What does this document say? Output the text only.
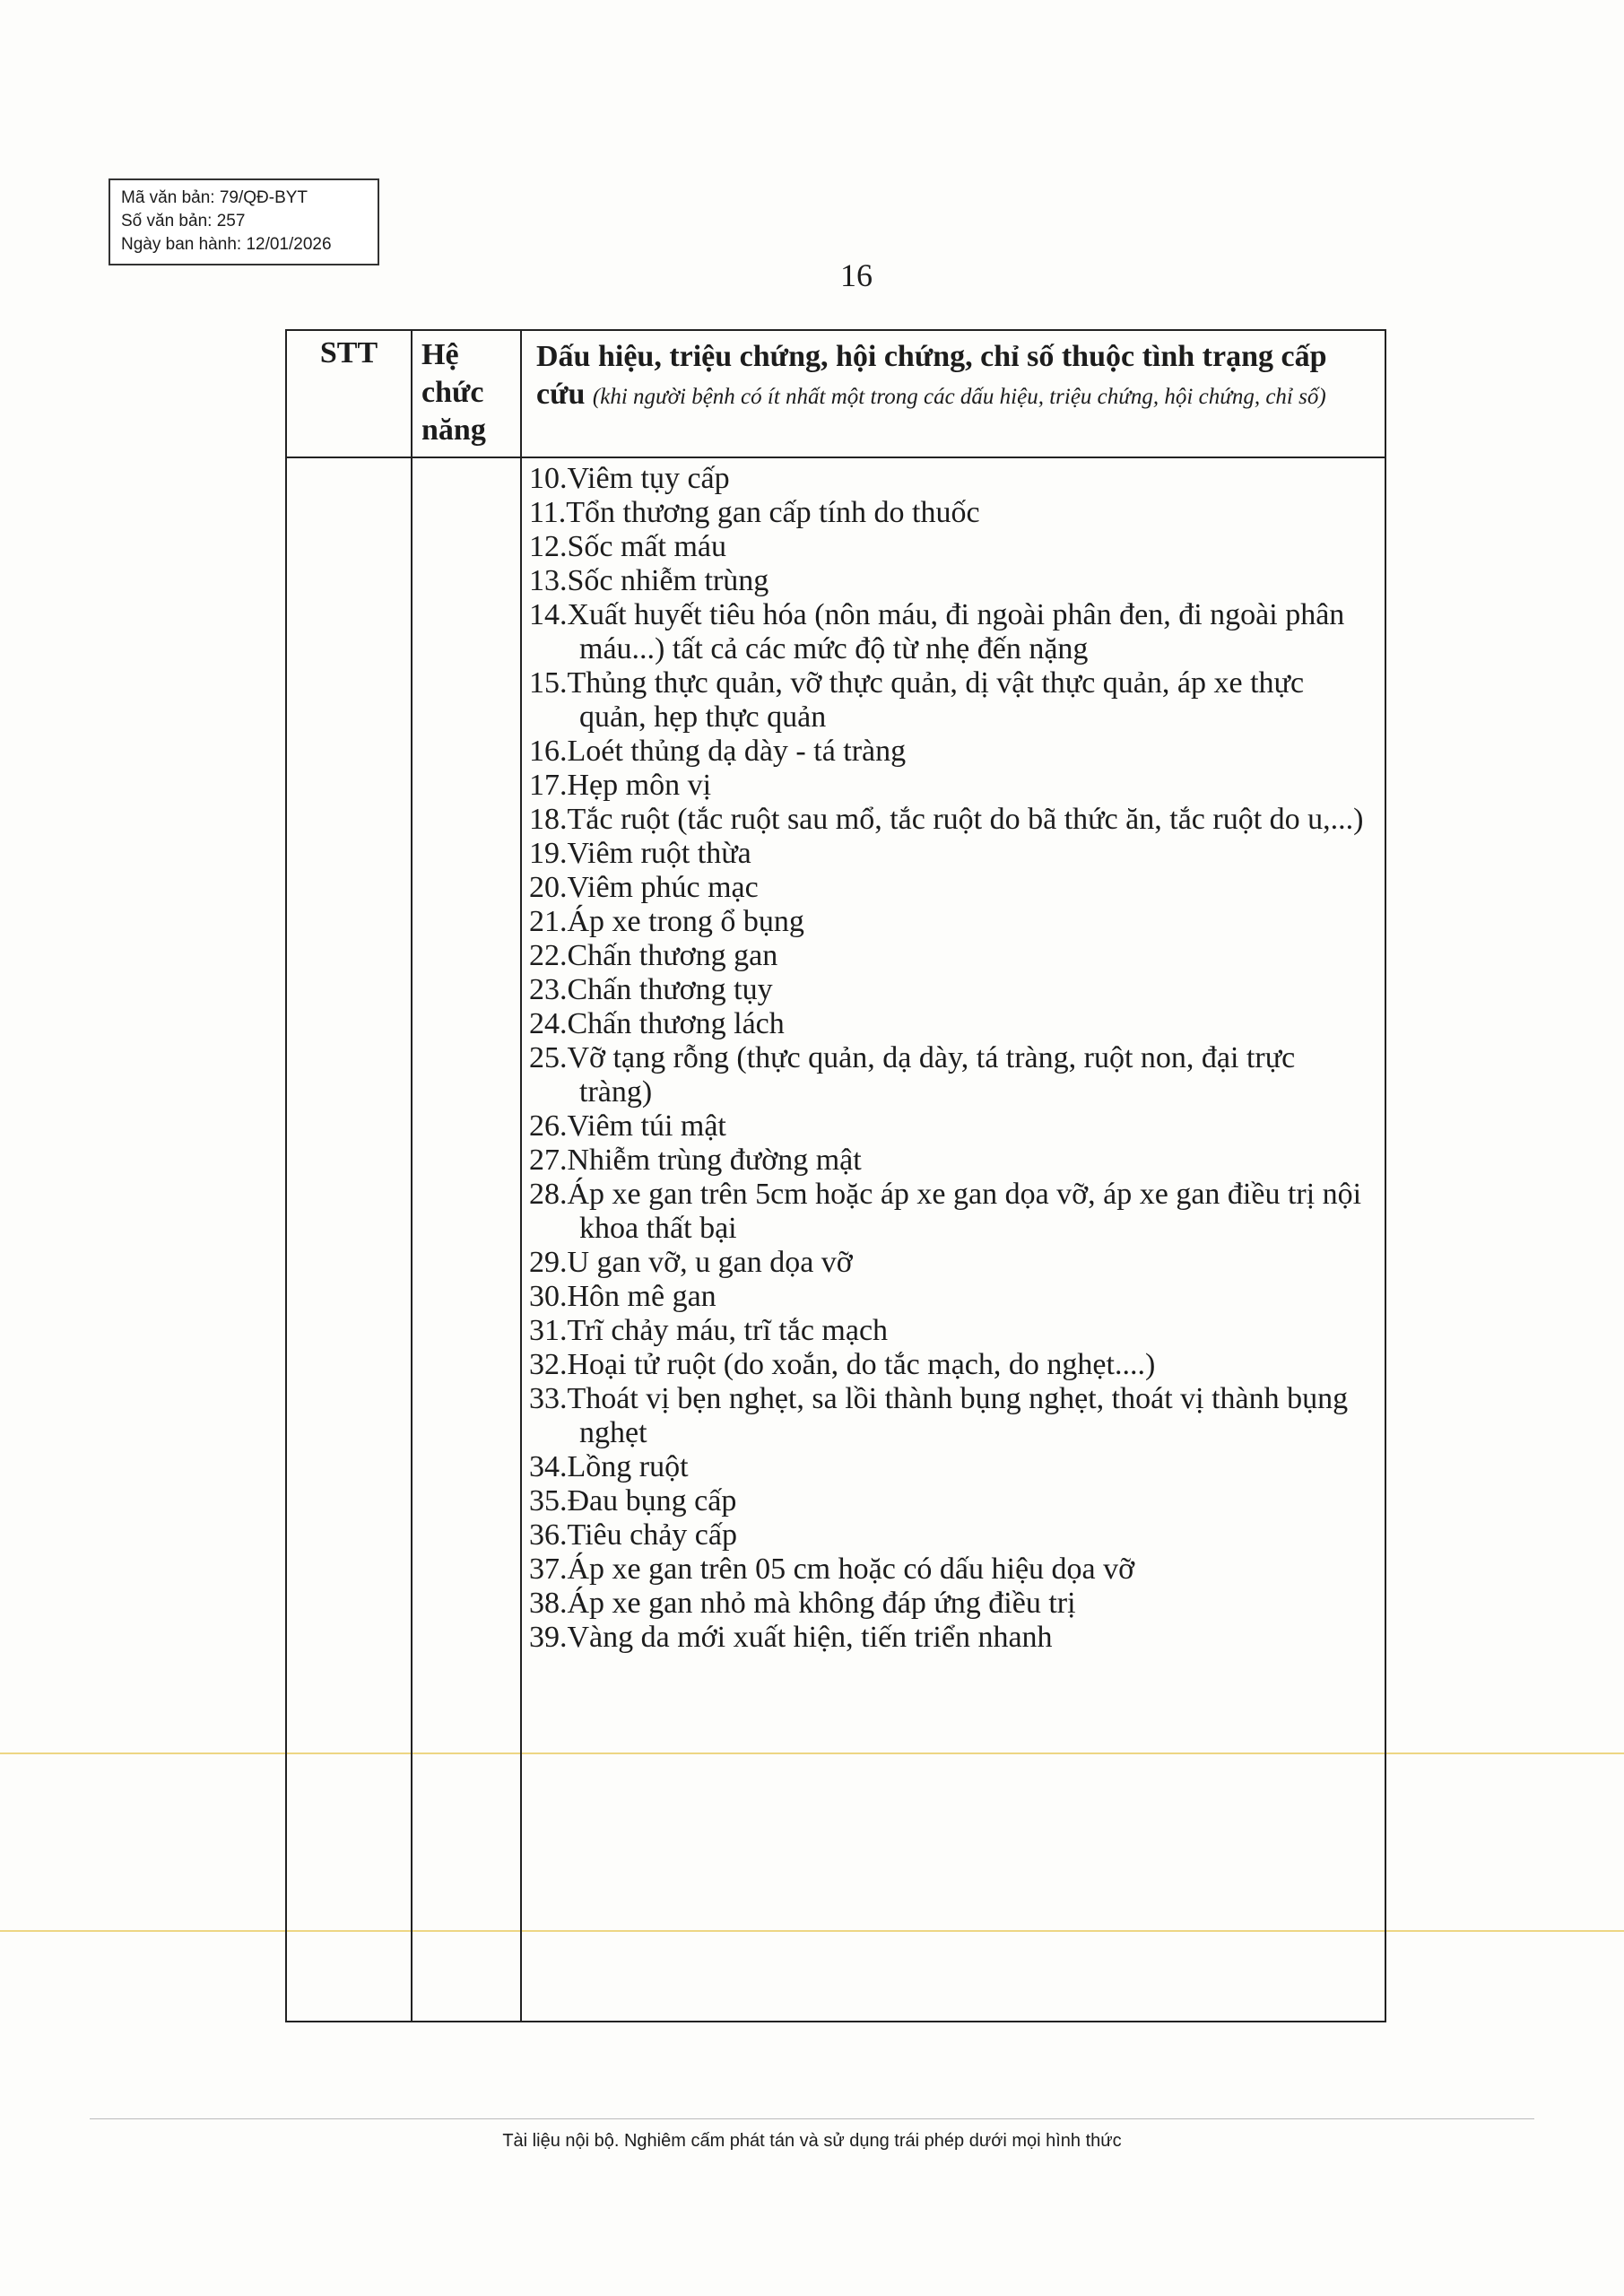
Mã văn bản: 79/QĐ-BYT
Số văn bản: 257
Ngày ban hành: 12/01/2026
16
STT	Hệ chức năng
Dấu hiệu, triệu chứng, hội chứng, chỉ số thuộc tình trạng cấp cứu (khi người bệnh có ít nhất một trong các dấu hiệu, triệu chứng, hội chứng, chỉ số)
10.Viêm tụy cấp
11.Tổn thương gan cấp tính do thuốc
12.Sốc mất máu
13.Sốc nhiễm trùng
14.Xuất huyết tiêu hóa (nôn máu, đi ngoài phân đen, đi ngoài phân máu...) tất cả các mức độ từ nhẹ đến nặng
15.Thủng thực quản, vỡ thực quản, dị vật thực quản, áp xe thực quản, hẹp thực quản
16.Loét thủng dạ dày - tá tràng
17.Hẹp môn vị
18.Tắc ruột (tắc ruột sau mổ, tắc ruột do bã thức ăn, tắc ruột do u,...)
19.Viêm ruột thừa
20.Viêm phúc mạc
21.Áp xe trong ổ bụng
22.Chấn thương gan
23.Chấn thương tụy
24.Chấn thương lách
25.Vỡ tạng rỗng (thực quản, dạ dày, tá tràng, ruột non, đại trực tràng)
26.Viêm túi mật
27.Nhiễm trùng đường mật
28.Áp xe gan trên 5cm hoặc áp xe gan dọa vỡ, áp xe gan điều trị nội khoa thất bại
29.U gan vỡ, u gan dọa vỡ
30.Hôn mê gan
31.Trĩ chảy máu, trĩ tắc mạch
32.Hoại tử ruột (do xoắn, do tắc mạch, do nghẹt....)
33.Thoát vị bẹn nghẹt, sa lồi thành bụng nghẹt, thoát vị thành bụng nghẹt
34.Lồng ruột
35.Đau bụng cấp
36.Tiêu chảy cấp
37.Áp xe gan trên 05 cm hoặc có dấu hiệu dọa vỡ
38.Áp xe gan nhỏ mà không đáp ứng điều trị
39.Vàng da mới xuất hiện, tiến triển nhanh
Tài liệu nội bộ. Nghiêm cấm phát tán và sử dụng trái phép dưới mọi hình thức
